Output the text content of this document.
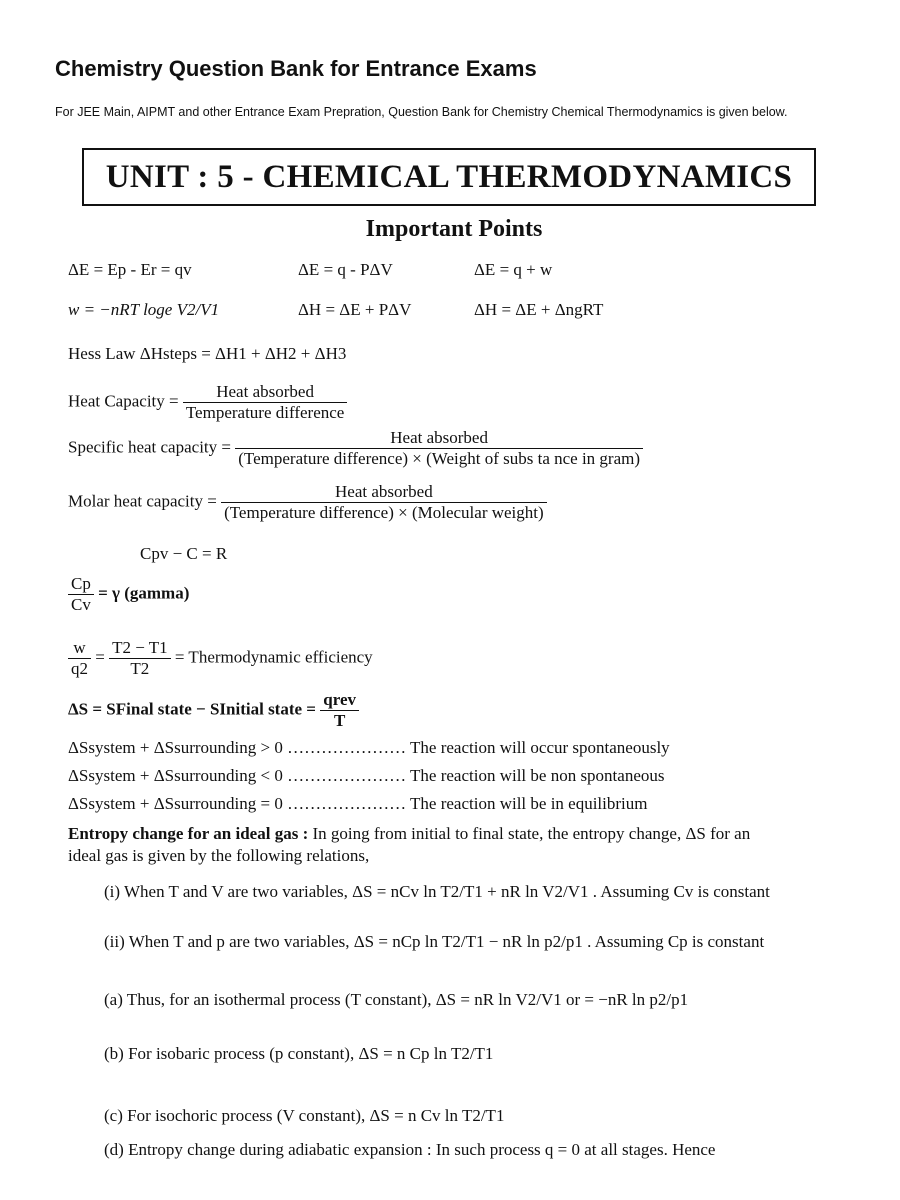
Chemistry Question Bank for Entrance Exams
For JEE Main, AIPMT and other Entrance Exam Prepration, Question Bank for Chemistry Chemical Thermodynamics is given below.
UNIT : 5 - CHEMICAL THERMODYNAMICS
Important Points
ΔE = Ep - Er = qv	ΔE = q - PΔV	ΔE = q + w
w = −nRT loge V2/V1	ΔH = ΔE + PΔV	ΔH = ΔE + ΔngRT
Hess Law ΔHsteps = ΔH1 + ΔH2 + ΔH3
Heat Capacity = $\frac{\text{Heat absorbed}}{\text{Temperature difference}}$
Specific heat capacity = $\frac{\text{Heat absorbed}}{\text{(Temperature difference) × (Weight of subs ta nce in gram)}}$
Molar heat capacity = $\frac{\text{Heat absorbed}}{\text{(Temperature difference) × (Molecular weight)}}$
Cpv − C = R
$\frac{Cp}{Cv} = \gamma$ (gamma)
$\frac{w}{q2} = \frac{T2 - T1}{T2}$ = Thermodynamic efficiency
ΔS = SFinal state − SInitial state = $\frac{\text{qrev}}{T}$
ΔSsystem + ΔSsurrounding > 0 ………………… The reaction will occur spontaneously
ΔSsystem + ΔSsurrounding < 0 ………………… The reaction will be non spontaneous
ΔSsystem + ΔSsurrounding = 0 ………………… The reaction will be in equilibrium
Entropy change for an ideal gas : In going from initial to final state, the entropy change, ΔS for an
ideal gas is given by the following relations,
(i) When T and V are two variables, ΔS = nCv ln T2/T1 + nR ln V2/V1 . Assuming Cv is constant
(ii) When T and p are two variables, ΔS = nCp ln T2/T1 − nR ln p2/p1 . Assuming Cp is constant
(a) Thus, for an isothermal process (T constant), ΔS = nR ln V2/V1 or = −nR ln p2/p1
(b) For isobaric process (p constant), ΔS = n Cp ln T2/T1
(c) For isochoric process (V constant), ΔS = n Cv ln T2/T1
(d) Entropy change during adiabatic expansion : In such process q = 0 at all stages. Hence
